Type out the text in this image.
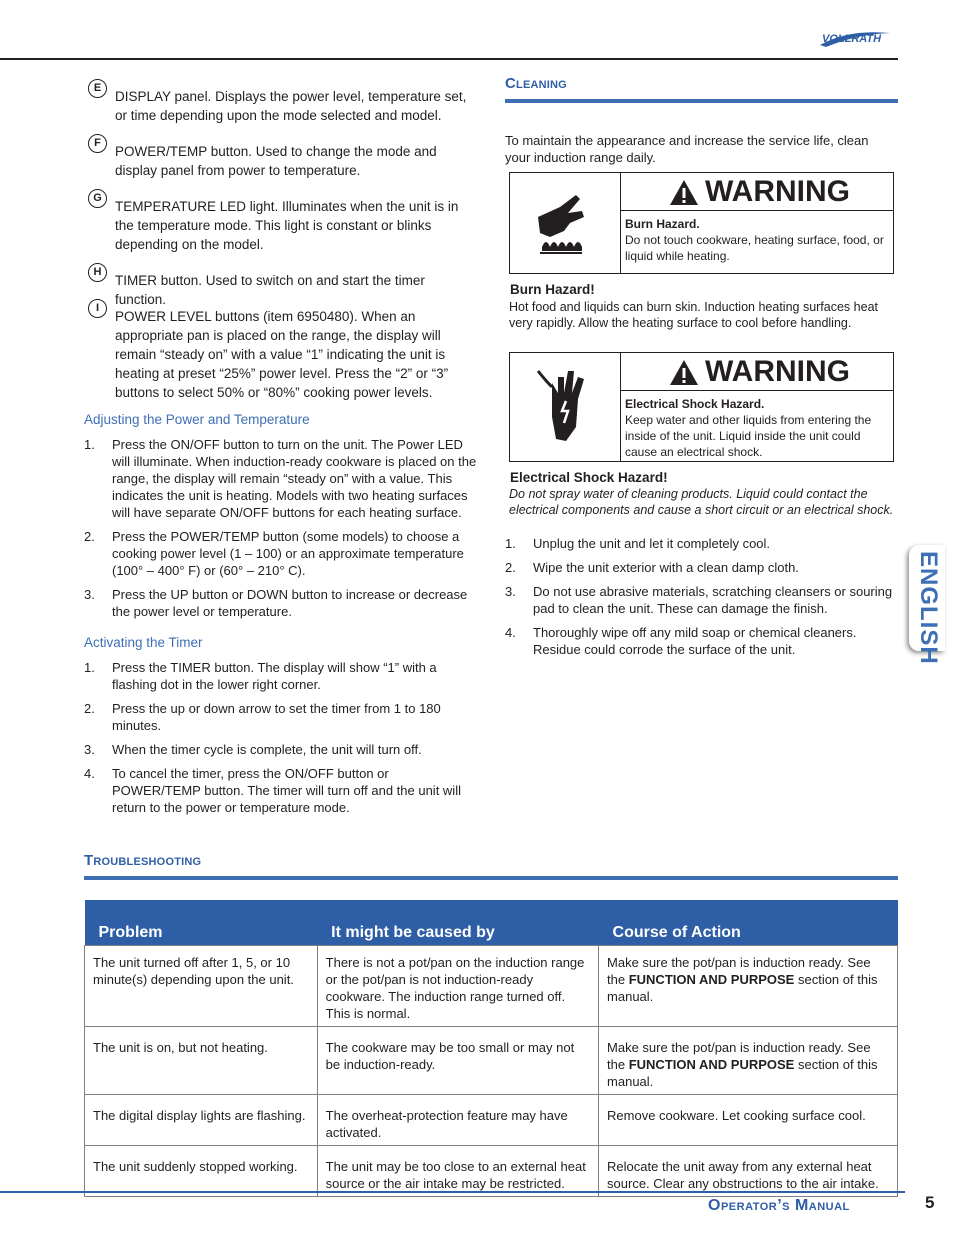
VOLLRATH
E
DISPLAY panel. Displays the power level, temperature set, or time depending upon the mode selected and model.
F
POWER/TEMP button. Used to change the mode and display panel from power to temperature.
G
TEMPERATURE LED light. Illuminates when the unit is in the temperature mode. This light is constant or blinks depending on the model.
H
TIMER button. Used to switch on and start the timer function.
I
POWER LEVEL buttons (item 6950480). When an appropriate pan is placed on the range, the display will remain “steady on” with a value “1” indicating the unit is heating at preset “25%” power level. Press the “2” or “3” buttons to select 50% or “80%” cooking power levels.
Adjusting the Power and Temperature
1. Press the ON/OFF button to turn on the unit. The Power LED will illuminate. When induction-ready cookware is placed on the range, the display will remain “steady on” with a value. This indicates the unit is heating. Models with two heating surfaces will have separate ON/OFF buttons for each heating surface.
2. Press the POWER/TEMP button (some models) to choose a cooking power level (1 – 100) or an approximate temperature (100° – 400° F) or (60° – 210° C).
3. Press the UP button or DOWN button to increase or decrease the power level or temperature.
Activating the Timer
1. Press the TIMER button. The display will show “1” with a flashing dot in the lower right corner.
2. Press the up or down arrow to set the timer from 1 to 180 minutes.
3. When the timer cycle is complete, the unit will turn off.
4. To cancel the timer, press the ON/OFF button or POWER/TEMP button. The timer will turn off and the unit will return to the power or temperature mode.
Cleaning
To maintain the appearance and increase the service life, clean your induction range daily.
WARNING
Burn Hazard.
Do not touch cookware, heating surface, food, or liquid while heating.
Burn Hazard!
Hot food and liquids can burn skin. Induction heating surfaces heat very rapidly. Allow the heating surface to cool before handling.
WARNING
Electrical Shock Hazard.
Keep water and other liquids from entering the inside of the unit. Liquid inside the unit could cause an electrical shock.
Electrical Shock Hazard!
Do not spray water of cleaning products. Liquid could contact the electrical components and cause a short circuit or an electrical shock.
1. Unplug the unit and let it completely cool.
2. Wipe the unit exterior with a clean damp cloth.
3. Do not use abrasive materials, scratching cleansers or souring pad to clean the unit. These can damage the finish.
4. Thoroughly wipe off any mild soap or chemical cleaners. Residue could corrode the surface of the unit.	ENGLISH
Troubleshooting
Problem	It might be caused by	Course of Action
The unit turned off after 1, 5, or 10 minute(s) depending upon the unit.	There is not a pot/pan on the induction range or the pot/pan is not induction-ready cookware. The induction range turned off. This is normal.	Make sure the pot/pan is induction ready. See the FUNCTION AND PURPOSE section of this manual.
The unit is on, but not heating.	The cookware may be too small or may not be induction-ready.	Make sure the pot/pan is induction ready. See the FUNCTION AND PURPOSE section of this manual.
The digital display lights are flashing.	The overheat-protection feature may have activated.	Remove cookware. Let cooking surface cool.
The unit suddenly stopped working.	The unit may be too close to an external heat source or the air intake may be restricted.	Relocate the unit away from any external heat source. Clear any obstructions to the air intake.
Operator’s Manual	5
